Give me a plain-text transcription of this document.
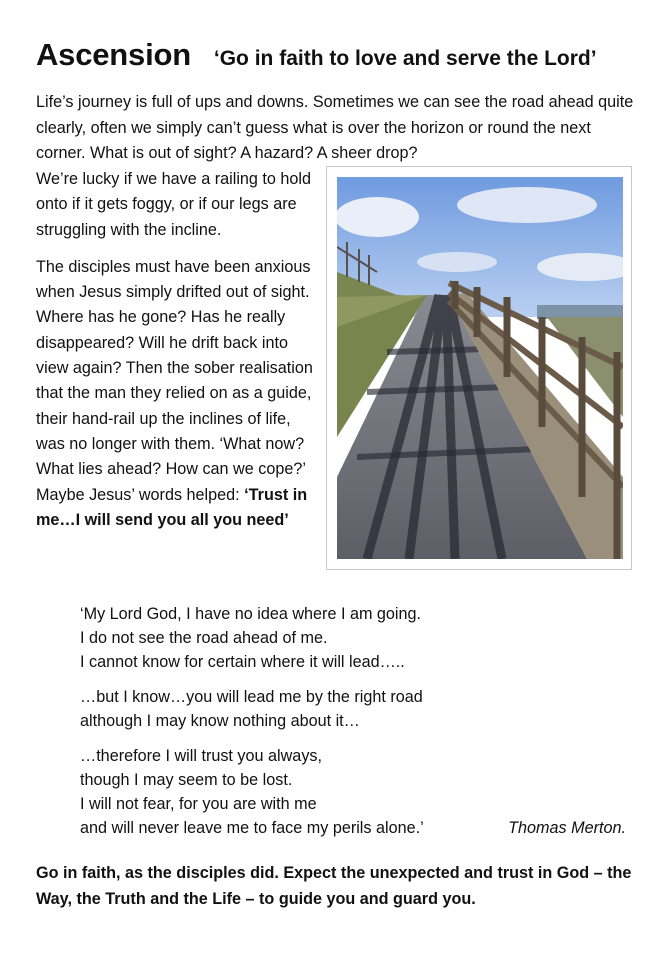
Ascension ‘Go in faith to love and serve the Lord’

Life’s journey is full of ups and downs. Sometimes we can see the road ahead quite clearly, often we simply can’t guess what is over the horizon or round the next corner. What is out of sight? A hazard? A sheer drop?

We’re lucky if we have a railing to hold onto if it gets foggy, or if our legs are struggling with the incline.

The disciples must have been anxious when Jesus simply drifted out of sight. Where has he gone? Has he really disappeared? Will he drift back into view again? Then the sober realisation that the man they relied on as a guide, their hand-rail up the inclines of life, was no longer with them. ‘What now? What lies ahead? How can we cope?’ Maybe Jesus’ words helped: ‘Trust in me…I will send you all you need’

‘My Lord God, I have no idea where I am going.
I do not see the road ahead of me.
I cannot know for certain where it will lead…..
…but I know…you will lead me by the right road
although I may know nothing about it…
…therefore I will trust you always,
though I may seem to be lost.
I will not fear, for you are with me
and will never leave me to face my perils alone.’	Thomas Merton.

Go in faith, as the disciples did. Expect the unexpected and trust in God – the Way, the Truth and the Life – to guide you and guard you.
